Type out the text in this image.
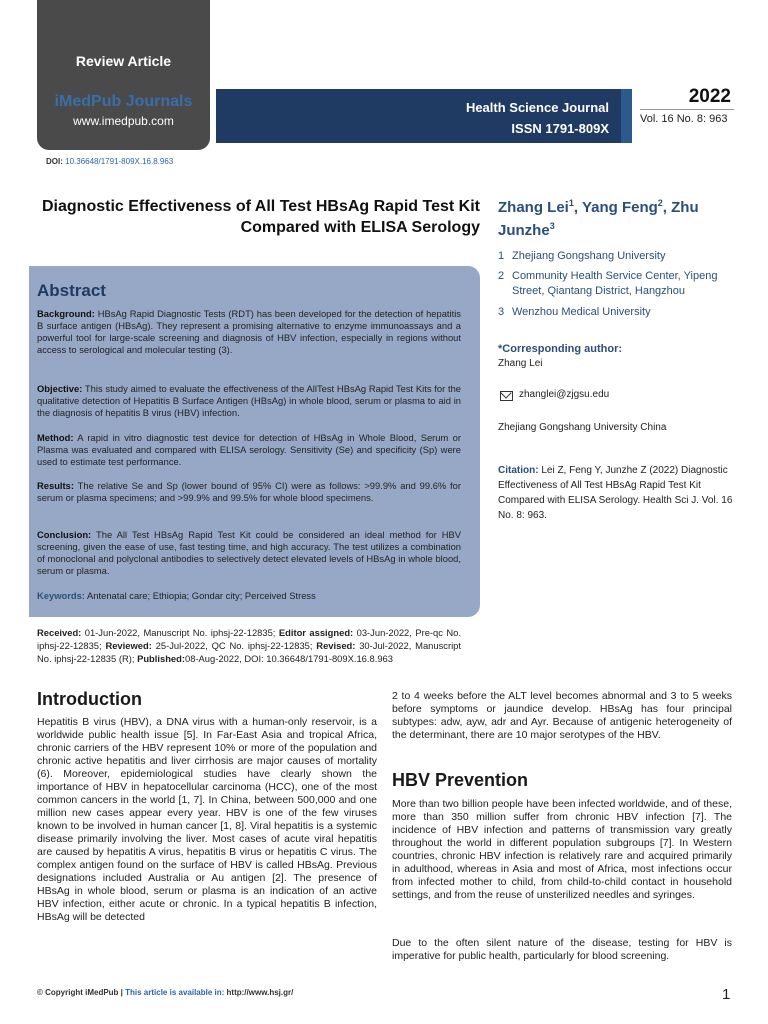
Review Article
iMedPub Journals
www.imedpub.com
Health Science Journal
ISSN 1791-809X
2022
Vol. 16 No. 8: 963
DOI: 10.36648/1791-809X.16.8.963
Diagnostic Effectiveness of All Test HBsAg Rapid Test Kit Compared with ELISA Serology
Zhang Lei$^1$, Yang Feng$^2$, Zhu Junzhe$^3$
1 Zhejiang Gongshang University
2 Community Health Service Center, Yipeng Street, Qiantang District, Hangzhou
3 Wenzhou Medical University
*Corresponding author:
Zhang Lei
zhanglei@zjgsu.edu
Zhejiang Gongshang University China
Citation: Lei Z, Feng Y, Junzhe Z (2022) Diagnostic Effectiveness of All Test HBsAg Rapid Test Kit Compared with ELISA Serology. Health Sci J. Vol. 16 No. 8: 963.
Abstract
Background: HBsAg Rapid Diagnostic Tests (RDT) has been developed for the detection of hepatitis B surface antigen (HBsAg). They represent a promising alternative to enzyme immunoassays and a powerful tool for large-scale screening and diagnosis of HBV infection, especially in regions without access to serological and molecular testing (3).
Objective: This study aimed to evaluate the effectiveness of the AllTest HBsAg Rapid Test Kits for the qualitative detection of Hepatitis B Surface Antigen (HBsAg) in whole blood, serum or plasma to aid in the diagnosis of hepatitis B virus (HBV) infection.
Method: A rapid in vitro diagnostic test device for detection of HBsAg in Whole Blood, Serum or Plasma was evaluated and compared with ELISA serology. Sensitivity (Se) and specificity (Sp) were used to estimate test performance.
Results: The relative Se and Sp (lower bound of 95% CI) were as follows: >99.9% and 99.6% for serum or plasma specimens; and >99.9% and 99.5% for whole blood specimens.
Conclusion: The All Test HBsAg Rapid Test Kit could be considered an ideal method for HBV screening, given the ease of use, fast testing time, and high accuracy. The test utilizes a combination of monoclonal and polyclonal antibodies to selectively detect elevated levels of HBsAg in whole blood, serum or plasma.
Keywords: Antenatal care; Ethiopia; Gondar city; Perceived Stress
Received: 01-Jun-2022, Manuscript No. iphsj-22-12835; Editor assigned: 03-Jun-2022, Pre-qc No. iphsj-22-12835; Reviewed: 25-Jul-2022, QC No. iphsj-22-12835; Revised: 30-Jul-2022, Manuscript No. iphsj-22-12835 (R); Published:08-Aug-2022, DOI: 10.36648/1791-809X.16.8.963
Introduction
Hepatitis B virus (HBV), a DNA virus with a human-only reservoir, is a worldwide public health issue [5]. In Far-East Asia and tropical Africa, chronic carriers of the HBV represent 10% or more of the population and chronic active hepatitis and liver cirrhosis are major causes of mortality (6). Moreover, epidemiological studies have clearly shown the importance of HBV in hepatocellular carcinoma (HCC), one of the most common cancers in the world [1, 7]. In China, between 500,000 and one million new cases appear every year. HBV is one of the few viruses known to be involved in human cancer [1, 8]. Viral hepatitis is a systemic disease primarily involving the liver. Most cases of acute viral hepatitis are caused by hepatitis A virus, hepatitis B virus or hepatitis C virus. The complex antigen found on the surface of HBV is called HBsAg. Previous designations included Australia or Au antigen [2]. The presence of HBsAg in whole blood, serum or plasma is an indication of an active HBV infection, either acute or chronic. In a typical hepatitis B infection, HBsAg will be detected
2 to 4 weeks before the ALT level becomes abnormal and 3 to 5 weeks before symptoms or jaundice develop. HBsAg has four principal subtypes: adw, ayw, adr and Ayr. Because of antigenic heterogeneity of the determinant, there are 10 major serotypes of the HBV.
HBV Prevention
More than two billion people have been infected worldwide, and of these, more than 350 million suffer from chronic HBV infection [7]. The incidence of HBV infection and patterns of transmission vary greatly throughout the world in different population subgroups [7]. In Western countries, chronic HBV infection is relatively rare and acquired primarily in adulthood, whereas in Asia and most of Africa, most infections occur from infected mother to child, from child-to-child contact in household settings, and from the reuse of unsterilized needles and syringes.
Due to the often silent nature of the disease, testing for HBV is imperative for public health, particularly for blood screening.
© Copyright iMedPub | This article is available in: http://www.hsj.gr/	1
